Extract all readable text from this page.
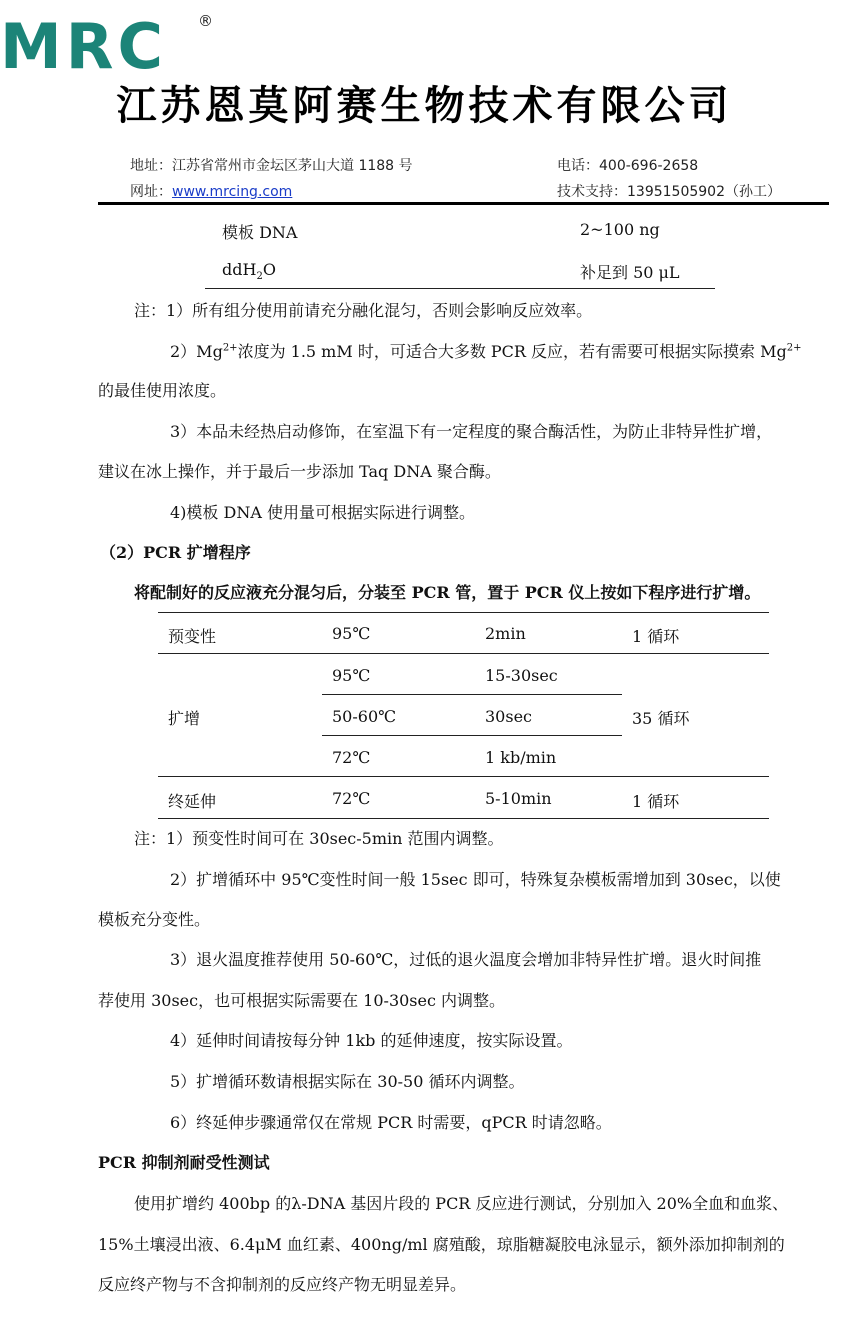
MRC ®
江苏恩莫阿赛生物技术有限公司
地址：江苏省常州市金坛区茅山大道 1188 号	电话：400-696-2658
网址：www.mrcing.com	技术支持：13951505902（孙工）
模板 DNA	2~100 ng
ddH$_2$O	补足到 50 μL
注：1）所有组分使用前请充分融化混匀，否则会影响反应效率。
$2)Mg^{2+}$浓度为 1.5 mM 时，可适合大多数 PCR 反应，若有需要可根据实际摸索 $Mg^{2+}$
的最佳使用浓度。
3）本品未经热启动修饰，在室温下有一定程度的聚合酶活性，为防止非特异性扩增，
建议在冰上操作，并于最后一步添加 Taq DNA 聚合酶。
4)模板 DNA 使用量可根据实际进行调整。
（2）PCR 扩增程序
将配制好的反应液充分混匀后，分装至 PCR 管，置于 PCR 仪上按如下程序进行扩增。
预变性	95℃	2min	1 循环
扩增
95℃	15-30sec
50-60℃	30sec	35 循环
72℃	1 kb/min
终延伸	72℃	5-10min	1 循环
注：1）预变性时间可在 30sec-5min 范围内调整。
2）扩增循环中 95℃变性时间一般 15sec 即可，特殊复杂模板需增加到 30sec，以使
模板充分变性。
3）退火温度推荐使用 50-60℃，过低的退火温度会增加非特异性扩增。退火时间推
荐使用 30sec，也可根据实际需要在 10-30sec 内调整。
4）延伸时间请按每分钟 1kb 的延伸速度，按实际设置。
5）扩增循环数请根据实际在 30-50 循环内调整。
6）终延伸步骤通常仅在常规 PCR 时需要，qPCR 时请忽略。
PCR 抑制剂耐受性测试
使用扩增约 400bp 的λ-DNA 基因片段的 PCR 反应进行测试，分别加入 20%全血和血浆、
15%土壤浸出液、6.4μM 血红素、400ng/ml 腐殖酸，琼脂糖凝胶电泳显示，额外添加抑制剂的
反应终产物与不含抑制剂的反应终产物无明显差异。
